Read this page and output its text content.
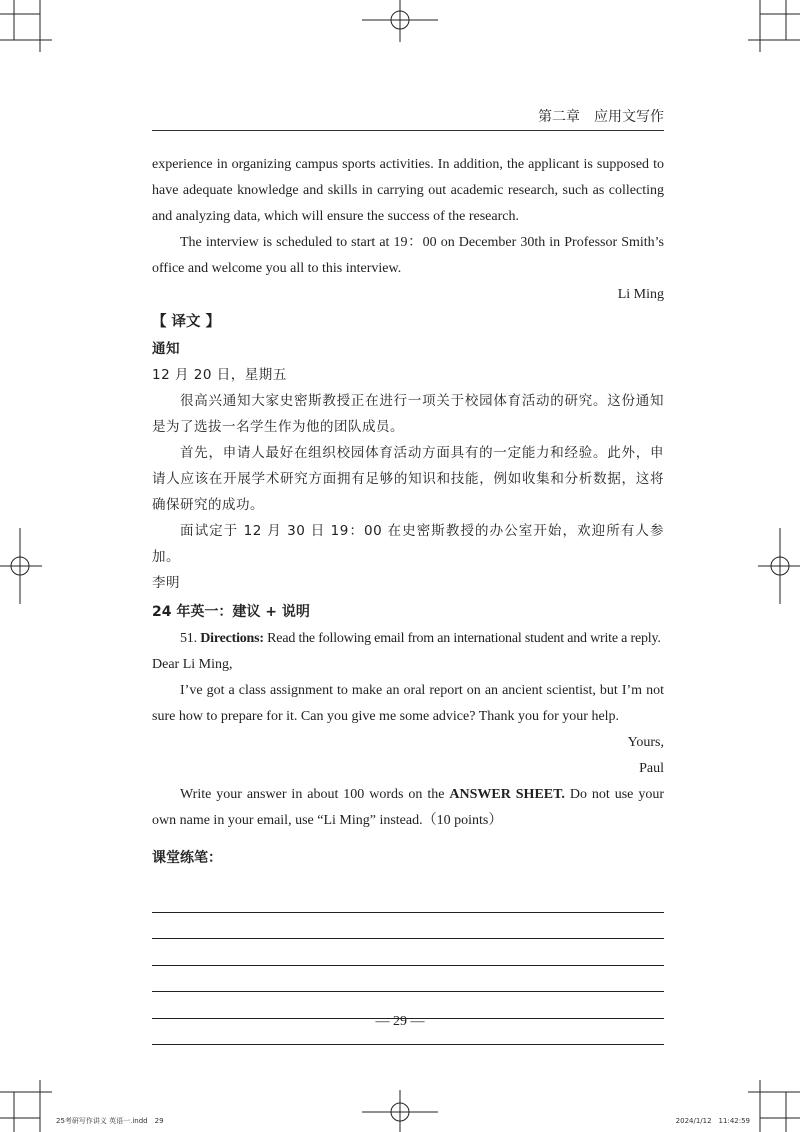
第二章　应用文写作

experience in organizing campus sports activities. In addition, the applicant is supposed to have adequate knowledge and skills in carrying out academic research, such as collecting and analyzing data, which will ensure the success of the research.

The interview is scheduled to start at 19：00 on December 30th in Professor Smith’s office and welcome you all to this interview.

Li Ming

【 译文 】

通知

12 月 20 日，星期五

很高兴通知大家史密斯教授正在进行一项关于校园体育活动的研究。这份通知是为了选拔一名学生作为他的团队成员。

首先，申请人最好在组织校园体育活动方面具有的一定能力和经验。此外，申请人应该在开展学术研究方面拥有足够的知识和技能，例如收集和分析数据，这将确保研究的成功。

面试定于 12 月 30 日 19：00 在史密斯教授的办公室开始，欢迎所有人参加。

李明

24 年英一：建议 + 说明

51. Directions: Read the following email from an international student and write a reply.

Dear Li Ming,

I’ve got a class assignment to make an oral report on an ancient scientist, but I’m not sure how to prepare for it. Can you give me some advice? Thank you for your help.

Yours,

Paul

Write your answer in about 100 words on the ANSWER SHEET. Do not use your own name in your email, use “Li Ming” instead.（10 points）

课堂练笔：

— 29 —
25考研写作讲义 英语一.indd　29	2024/1/12　11:42:59
